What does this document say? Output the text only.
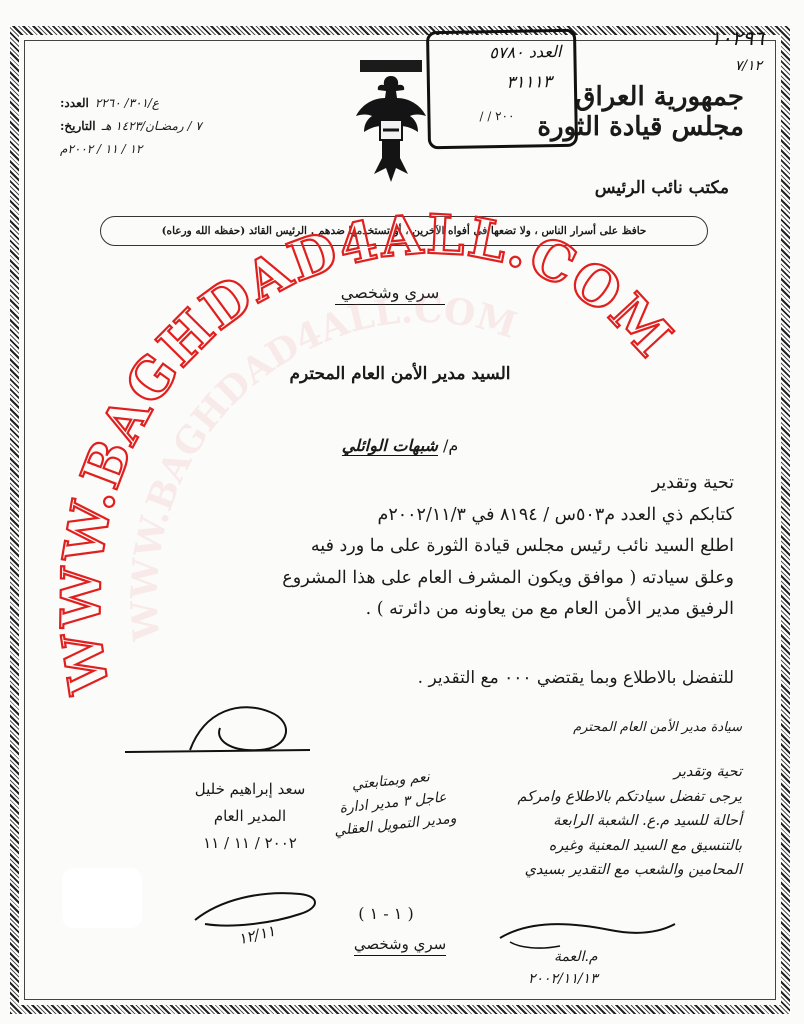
١٠٢٩٦
٧/١٢
جمهورية العراق
مجلس قيادة الثورة
مكتب نائب الرئيس
العدد: ع/٣٠١/ ٢٢٦٠
التاريخ: ٧ / رمضـان/١٤٢٣ هـ
١٢ / ١١ / ٢٠٠٢م
العدد ٥٧٨٠
٣١١١٣
٢٠٠ / /
حافظ على أسرار الناس ، ولا تضعها في أفواه الآخرين ، أو تستخدمها ضدهم . الرئيس القائد (حفظه الله ورعاه)
سري وشخصي
السيد مدير الأمن العام المحترم
م/ شبهات الوائلي

تحية وتقدير

كتابكم ذي العدد م٥٠٣س / ٨١٩٤ في ٢٠٠٢/١١/٣م

اطلع السيد نائب رئيس مجلس قيادة الثورة على ما ورد فيه

وعلق سيادته ( موافق ويكون المشرف العام على هذا المشروع

الرفيق مدير الأمن العام مع من يعاونه من دائرته ) .

للتفضل بالاطلاع وبما يقتضي ٠٠٠ مع التقدير .
سعد إبراهيم خليل
المدير العام
٢٠٠٢ / ١١ / ١١
سيادة مدير الأمن العام المحترم
تحية وتقدير
يرجى تفضل سيادتكم بالاطلاع وامركم
أحالة للسيد م.ع. الشعبة الرابعة
بالتنسيق مع السيد المعنية وغيره
المحامين والشعب مع التقدير بسيدي
نعم وبمتابعتي
عاجل ٣ مدير ادارة
ومدير التمويل العقلي
١٢/١١
( ١ - ١ )
سري وشخصي
م.العمة
٢٠٠٢/١١/١٣
WWW.BAGHDAD4ALL.COM
WWW.BAGHDAD4ALL.COM
